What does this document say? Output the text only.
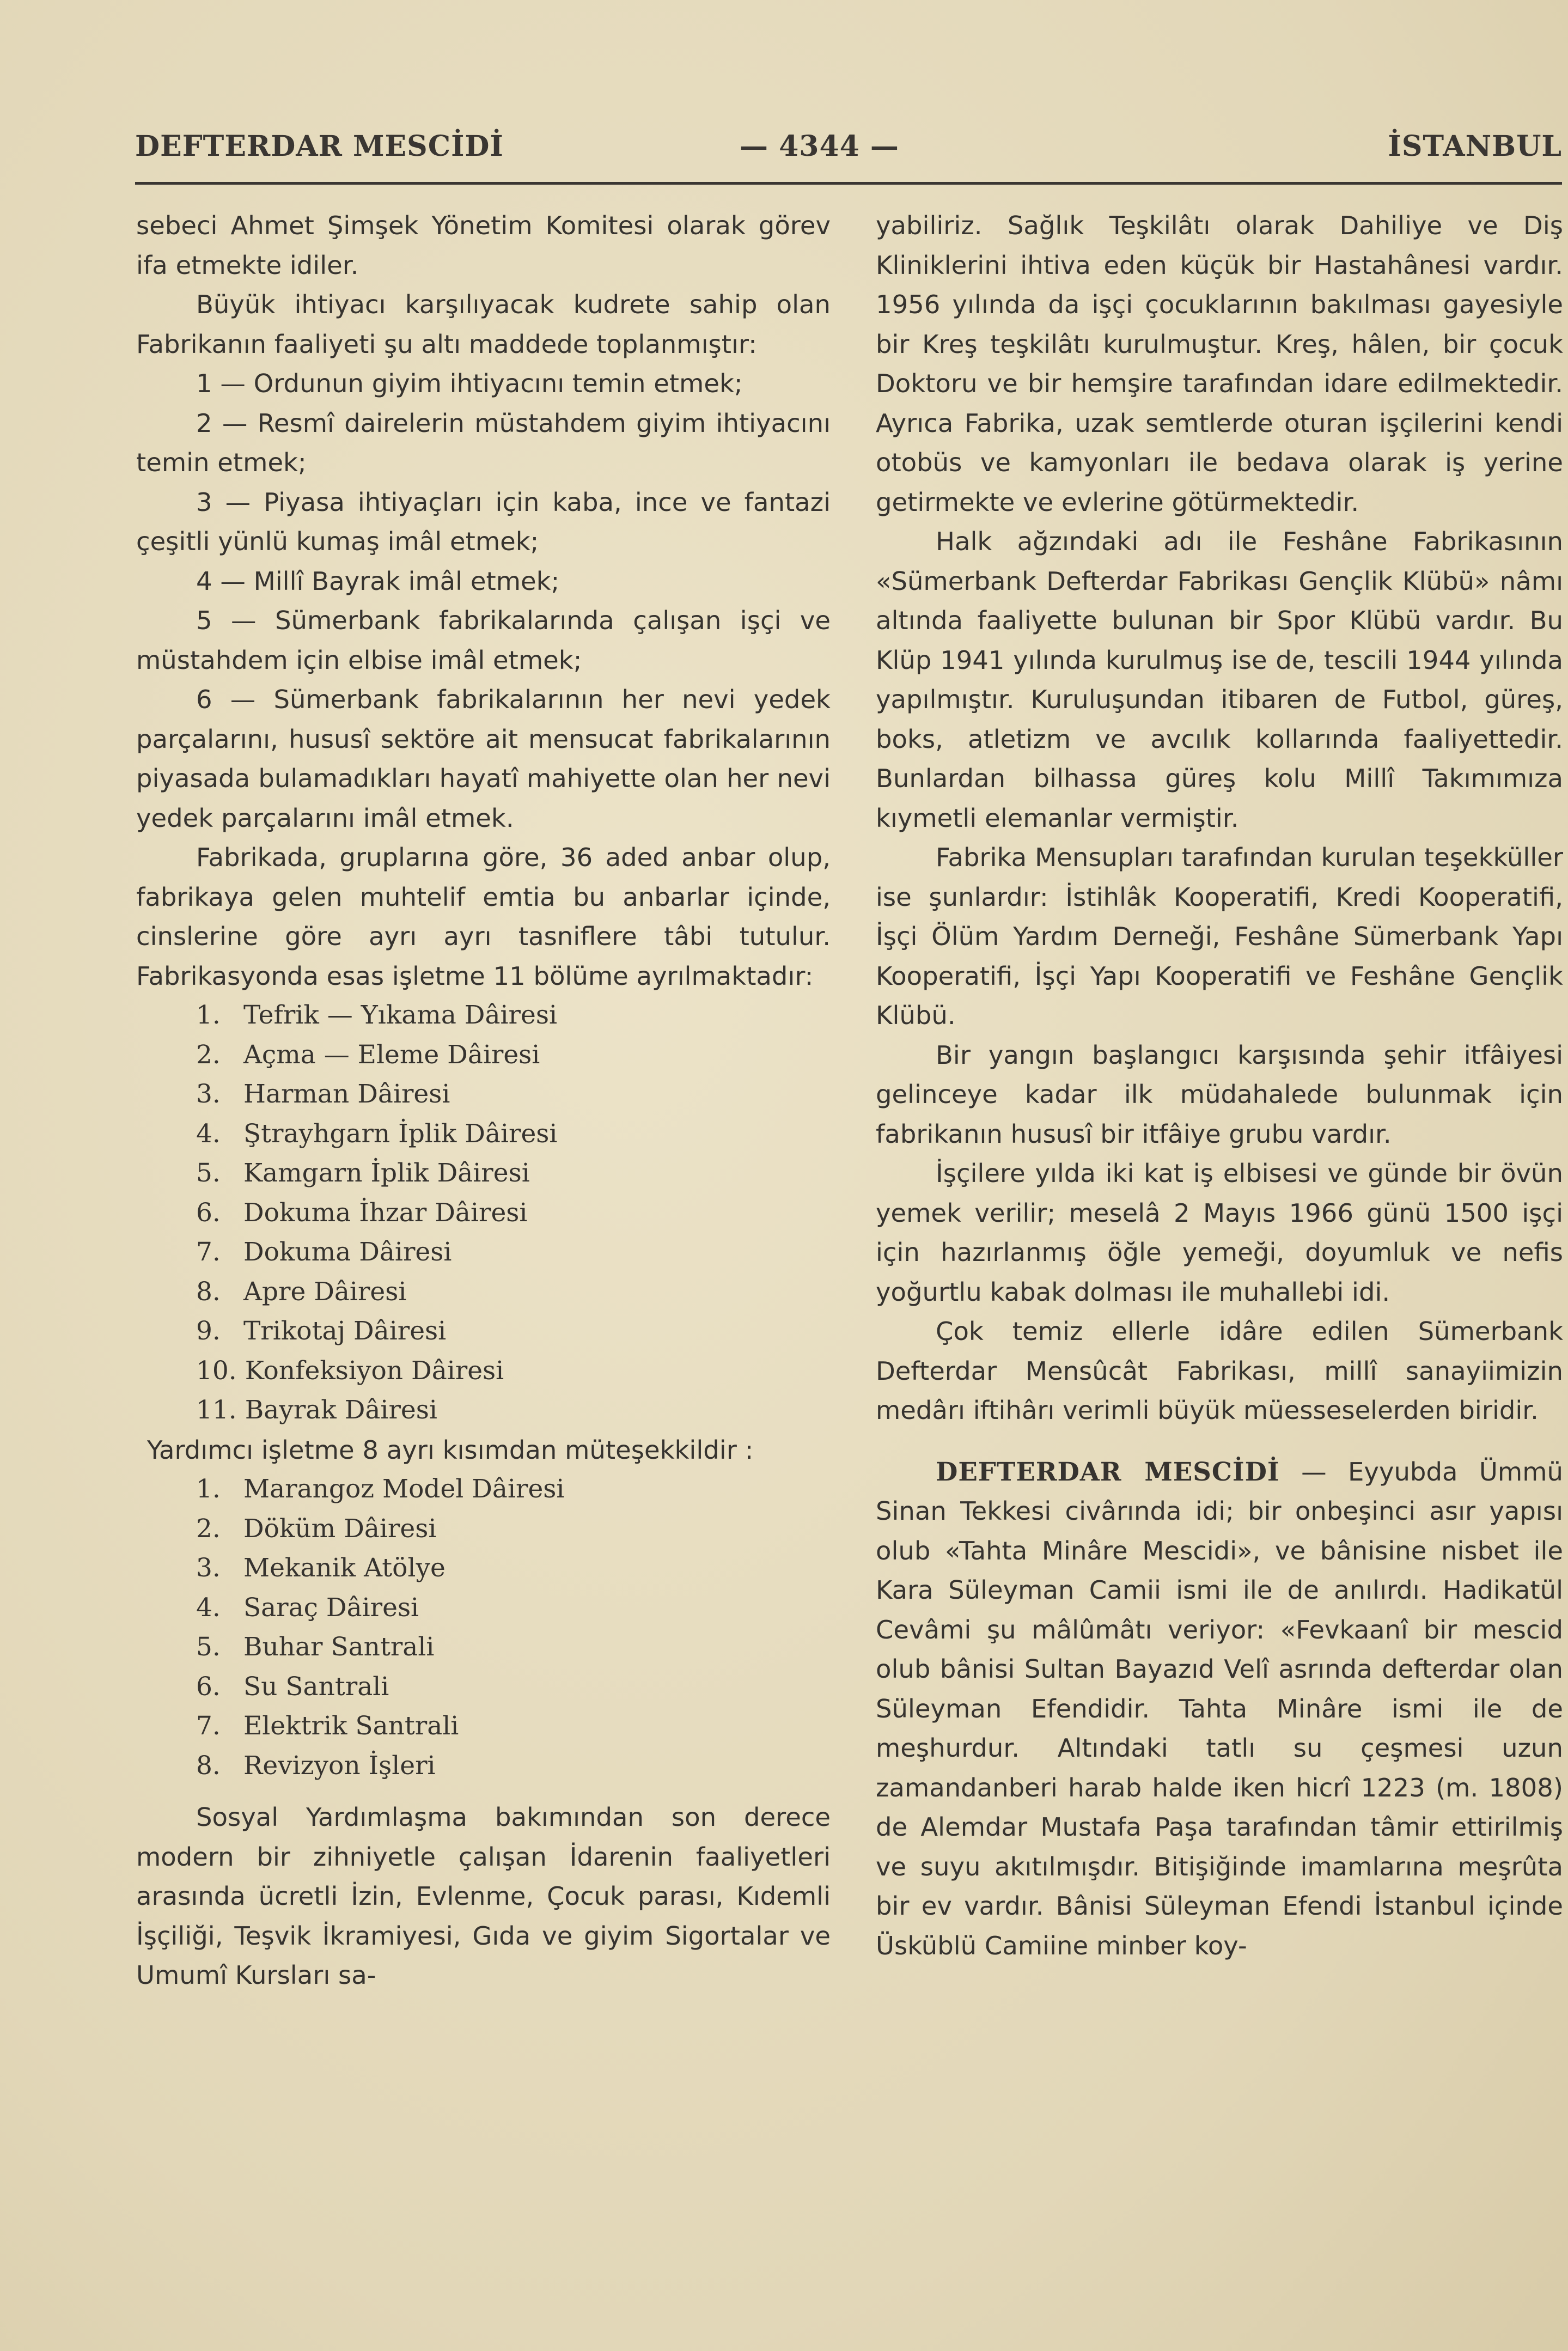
DEFTERDAR MESCİDİ	— 4344 —	İSTANBUL

sebeci Ahmet Şimşek Yönetim Komitesi olarak görev ifa etmekte idiler.

Büyük ihtiyacı karşılıyacak kudrete sahip olan Fabrikanın faaliyeti şu altı maddede toplanmıştır:

1 — Ordunun giyim ihtiyacını temin etmek;

2 — Resmî dairelerin müstahdem giyim ihtiyacını temin etmek;

3 — Piyasa ihtiyaçları için kaba, ince ve fantazi çeşitli yünlü kumaş imâl etmek;

4 — Millî Bayrak imâl etmek;

5 — Sümerbank fabrikalarında çalışan işçi ve müstahdem için elbise imâl etmek;

6 — Sümerbank fabrikalarının her nevi yedek parçalarını, hususî sektöre ait mensucat fabrikalarının piyasada bulamadıkları hayatî mahiyette olan her nevi yedek parçalarını imâl etmek.

Fabrikada, gruplarına göre, 36 aded anbar olup, fabrikaya gelen muhtelif emtia bu anbarlar içinde, cinslerine göre ayrı ayrı tasniflere tâbi tutulur. Fabrikasyonda esas işletme 11 bölüme ayrılmaktadır:

1. Tefrik — Yıkama Dâiresi
2. Açma — Eleme Dâiresi
3. Harman Dâiresi
4. Ştrayhgarn İplik Dâiresi
5. Kamgarn İplik Dâiresi
6. Dokuma İhzar Dâiresi
7. Dokuma Dâiresi
8. Apre Dâiresi
9. Trikotaj Dâiresi
10. Konfeksiyon Dâiresi
11. Bayrak Dâiresi

Yardımcı işletme 8 ayrı kısımdan müteşekkildir :

1. Marangoz Model Dâiresi
2. Döküm Dâiresi
3. Mekanik Atölye
4. Saraç Dâiresi
5. Buhar Santrali
6. Su Santrali
7. Elektrik Santrali
8. Revizyon İşleri

Sosyal Yardımlaşma bakımından son derece modern bir zihniyetle çalışan İdarenin faaliyetleri arasında ücretli İzin, Evlenme, Çocuk parası, Kıdemli İşçiliği, Teşvik İkramiyesi, Gıda ve giyim Sigortalar ve Umumî Kursları sa-

yabiliriz. Sağlık Teşkilâtı olarak Dahiliye ve Diş Kliniklerini ihtiva eden küçük bir Hastahânesi vardır. 1956 yılında da işçi çocuklarının bakılması gayesiyle bir Kreş teşkilâtı kurulmuştur. Kreş, hâlen, bir çocuk Doktoru ve bir hemşire tarafından idare edilmektedir. Ayrıca Fabrika, uzak semtlerde oturan işçilerini kendi otobüs ve kamyonları ile bedava olarak iş yerine getirmekte ve evlerine götürmektedir.

Halk ağzındaki adı ile Feshâne Fabrikasının «Sümerbank Defterdar Fabrikası Gençlik Klübü» nâmı altında faaliyette bulunan bir Spor Klübü vardır. Bu Klüp 1941 yılında kurulmuş ise de, tescili 1944 yılında yapılmıştır. Kuruluşundan itibaren de Futbol, güreş, boks, atletizm ve avcılık kollarında faaliyettedir. Bunlardan bilhassa güreş kolu Millî Takımımıza kıymetli elemanlar vermiştir.

Fabrika Mensupları tarafından kurulan teşekküller ise şunlardır: İstihlâk Kooperatifi, Kredi Kooperatifi, İşçi Ölüm Yardım Derneği, Feshâne Sümerbank Yapı Kooperatifi, İşçi Yapı Kooperatifi ve Feshâne Gençlik Klübü.

Bir yangın başlangıcı karşısında şehir itfâiyesi gelinceye kadar ilk müdahalede bulunmak için fabrikanın hususî bir itfâiye grubu vardır.

İşçilere yılda iki kat iş elbisesi ve günde bir övün yemek verilir; meselâ 2 Mayıs 1966 günü 1500 işçi için hazırlanmış öğle yemeği, doyumluk ve nefis yoğurtlu kabak dolması ile muhallebi idi.

Çok temiz ellerle idâre edilen Sümerbank Defterdar Mensûcât Fabrikası, millî sanayiimizin medârı iftihârı verimli büyük müesseselerden biridir.

DEFTERDAR MESCİDİ — Eyyubda Ümmü Sinan Tekkesi civârında idi; bir onbeşinci asır yapısı olub «Tahta Minâre Mescidi», ve bânisine nisbet ile Kara Süleyman Camii ismi ile de anılırdı. Hadikatül Cevâmi şu mâlûmâtı veriyor: «Fevkaanî bir mescid olub bânisi Sultan Bayazıd Velî asrında defterdar olan Süleyman Efendidir. Tahta Minâre ismi ile de meşhurdur. Altındaki tatlı su çeşmesi uzun zamandanberi harab halde iken hicrî 1223 (m. 1808) de Alemdar Mustafa Paşa tarafından tâmir ettirilmiş ve suyu akıtılmışdır. Bitişiğinde imamlarına meşrûta bir ev vardır. Bânisi Süleyman Efendi İstanbul içinde Üsküblü Camiine minber koy-
